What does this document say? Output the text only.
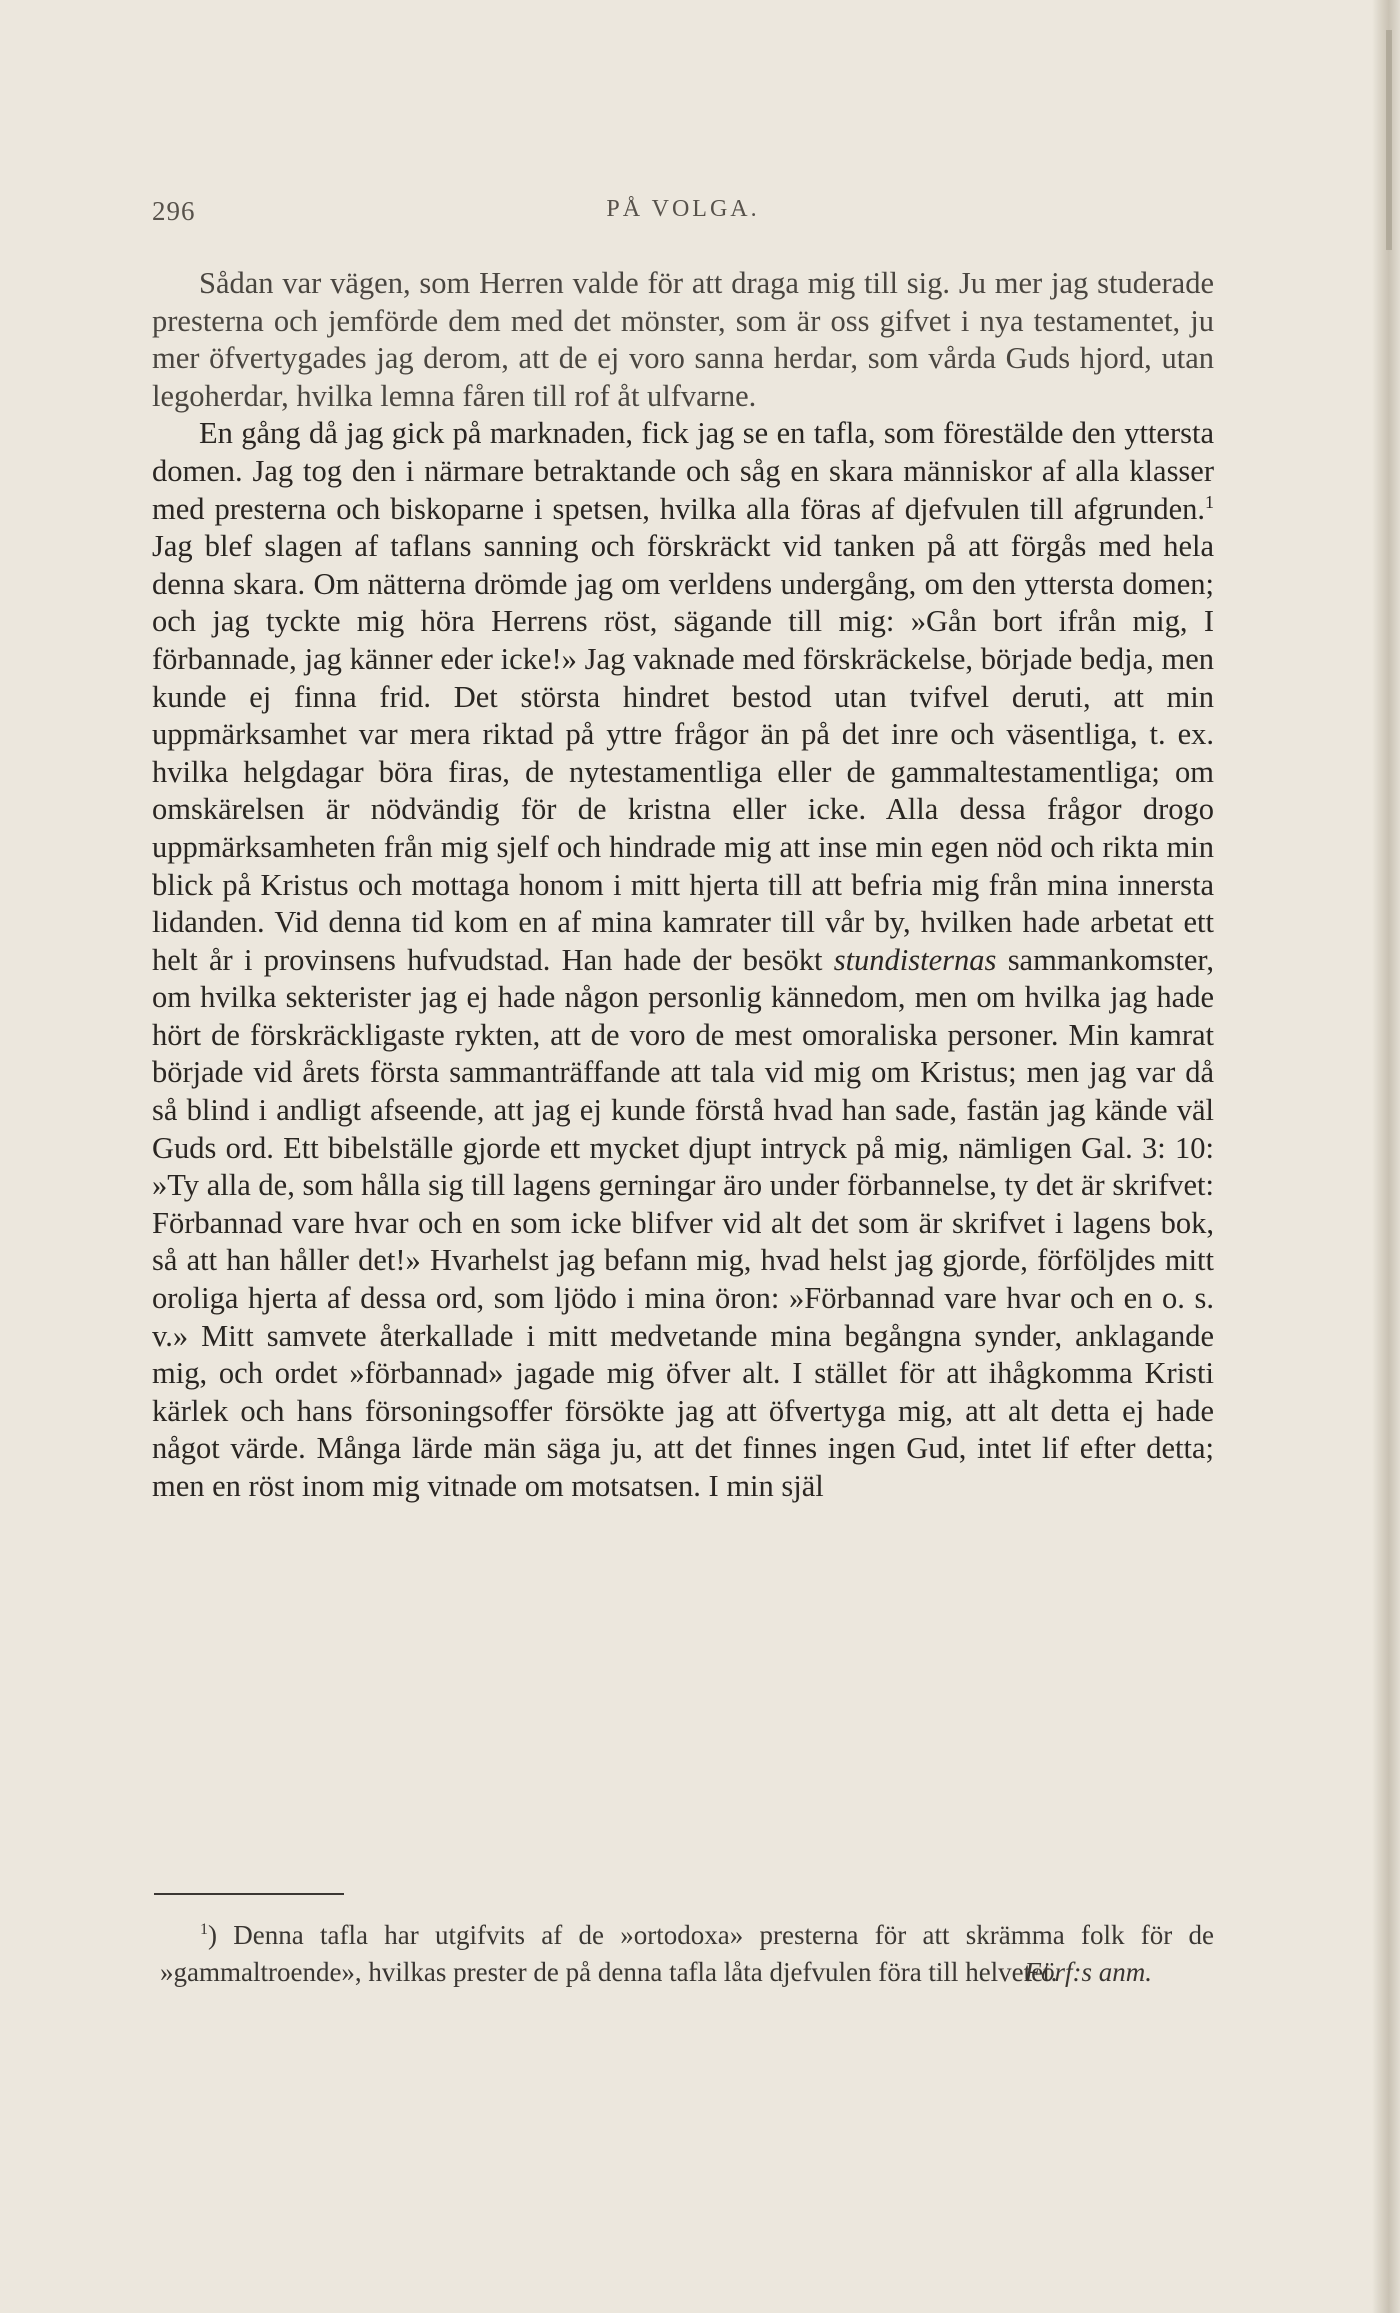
296	PÅ VOLGA.

Sådan var vägen, som Herren valde för att draga mig till sig. Ju mer jag studerade presterna och jemförde dem med det mönster, som är oss gifvet i nya testamentet, ju mer öfvertygades jag derom, att de ej voro sanna herdar, som vårda Guds hjord, utan legoherdar, hvilka lemna fåren till rof åt ulfvarne.

En gång då jag gick på marknaden, fick jag se en tafla, som förestälde den yttersta domen. Jag tog den i närmare betraktande och såg en skara människor af alla klasser med presterna och biskoparne i spetsen, hvilka alla föras af djefvulen till afgrunden.$^1$ Jag blef slagen af taflans sanning och förskräckt vid tanken på att förgås med hela denna skara. Om nätterna drömde jag om verldens undergång, om den yttersta domen; och jag tyckte mig höra Herrens röst, sägande till mig: »Gån bort ifrån mig, I förbannade, jag känner eder icke!» Jag vaknade med förskräckelse, började bedja, men kunde ej finna frid. Det största hindret bestod utan tvifvel deruti, att min uppmärksamhet var mera riktad på yttre frågor än på det inre och väsentliga, t. ex. hvilka helgdagar böra firas, de nytestamentliga eller de gammaltestamentliga; om omskärelsen är nödvändig för de kristna eller icke. Alla dessa frågor drogo uppmärksamheten från mig sjelf och hindrade mig att inse min egen nöd och rikta min blick på Kristus och mottaga honom i mitt hjerta till att befria mig från mina innersta lidanden. Vid denna tid kom en af mina kamrater till vår by, hvilken hade arbetat ett helt år i provinsens hufvudstad. Han hade der besökt stundisternas sammankomster, om hvilka sekterister jag ej hade någon personlig kännedom, men om hvilka jag hade hört de förskräckligaste rykten, att de voro de mest omoraliska personer. Min kamrat började vid årets första sammanträffande att tala vid mig om Kristus; men jag var då så blind i andligt afseende, att jag ej kunde förstå hvad han sade, fastän jag kände väl Guds ord. Ett bibelställe gjorde ett mycket djupt intryck på mig, nämligen Gal. 3: 10: »Ty alla de, som hålla sig till lagens gerningar äro under förbannelse, ty det är skrifvet: Förbannad vare hvar och en som icke blifver vid alt det som är skrifvet i lagens bok, så att han håller det!» Hvarhelst jag befann mig, hvad helst jag gjorde, förföljdes mitt oroliga hjerta af dessa ord, som ljödo i mina öron: »Förbannad vare hvar och en o. s. v.» Mitt samvete återkallade i mitt medvetande mina begångna synder, anklagande mig, och ordet »förbannad» jagade mig öfver alt. I stället för att ihågkomma Kristi kärlek och hans försoningsoffer försökte jag att öfvertyga mig, att alt detta ej hade något värde. Många lärde män säga ju, att det finnes ingen Gud, intet lif efter detta; men en röst inom mig vitnade om motsatsen. I min själ

$^1$) Denna tafla har utgifvits af de »ortodoxa» presterna för att skrämma folk för de »gammaltroende», hvilkas prester de på denna tafla låta djefvulen föra till helvetet.

Förf:s anm.
